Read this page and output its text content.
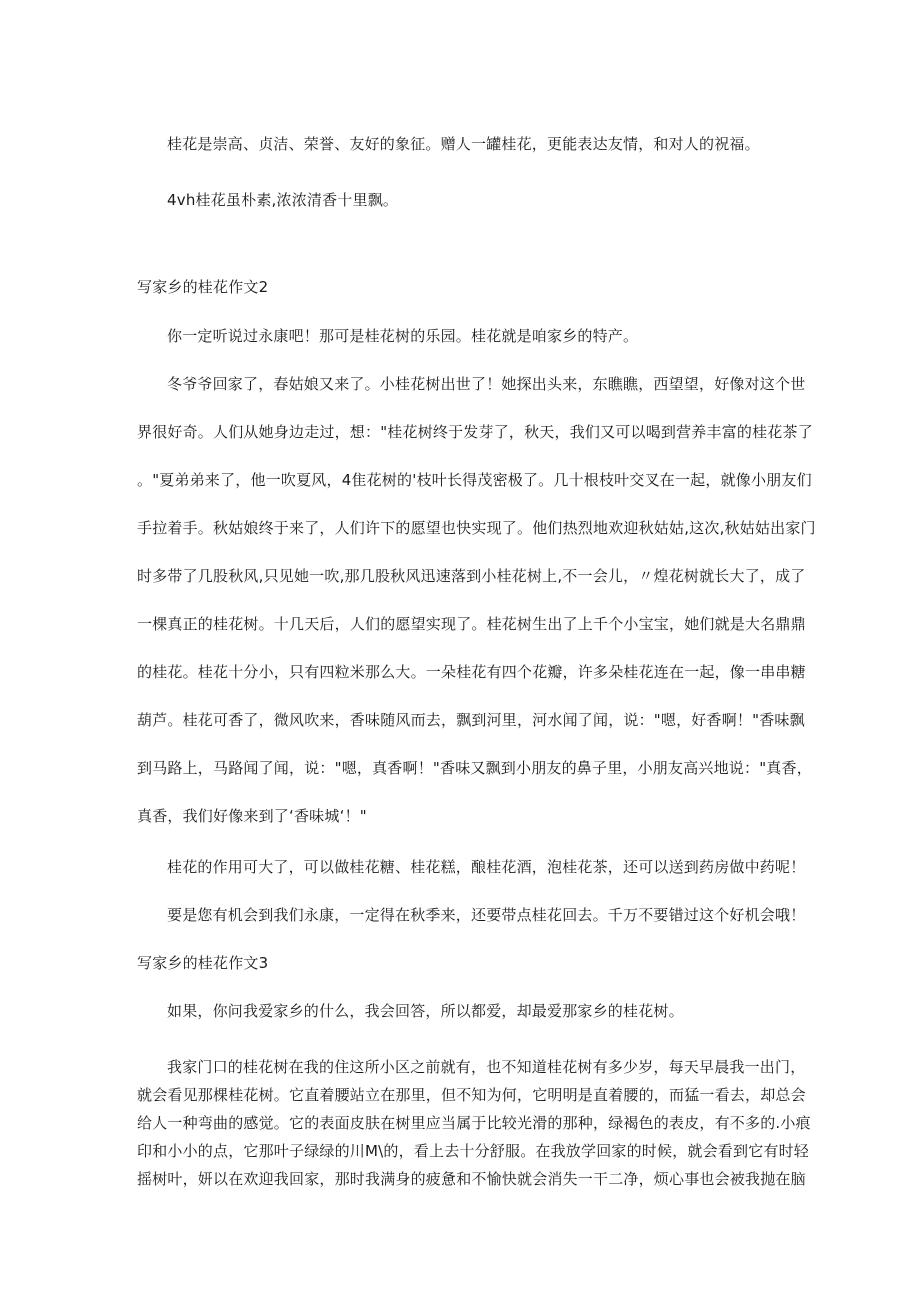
桂花是崇高、贞洁、荣誉、友好的象征。赠人一罐桂花，更能表达友情，和对人的祝福。
4vh桂花虽朴素,浓浓清香十里飘。
写家乡的桂花作文2
你一定听说过永康吧！那可是桂花树的乐园。桂花就是咱家乡的特产。
冬爷爷回家了，春姑娘又来了。小桂花树出世了！她探出头来，东瞧瞧，西望望，好像对这个世
界很好奇。人们从她身边走过，想："桂花树终于发芽了，秋天，我们又可以喝到营养丰富的桂花茶了
。"夏弟弟来了，他一吹夏风，4隹花树的'枝叶长得茂密极了。几十根枝叶交叉在一起，就像小朋友们
手拉着手。秋姑娘终于来了，人们许下的愿望也快实现了。他们热烈地欢迎秋姑姑,这次,秋姑姑出家门
时多带了几股秋风,只见她一吹,那几股秋风迅速落到小桂花树上,不一会儿，〃煌花树就长大了，成了
一棵真正的桂花树。十几天后，人们的愿望实现了。桂花树生出了上千个小宝宝，她们就是大名鼎鼎
的桂花。桂花十分小，只有四粒米那么大。一朵桂花有四个花瓣，许多朵桂花连在一起，像一串串糖
葫芦。桂花可香了，微风吹来，香味随风而去，飘到河里，河水闻了闻，说："嗯，好香啊！"香味飘
到马路上，马路闻了闻，说："嗯，真香啊！"香味又飘到小朋友的鼻子里，小朋友高兴地说："真香，
真香，我们好像来到了‘香味城‘！"
桂花的作用可大了，可以做桂花糖、桂花糕，酿桂花酒，泡桂花茶，还可以送到药房做中药呢！
要是您有机会到我们永康，一定得在秋季来，还要带点桂花回去。千万不要错过这个好机会哦！
写家乡的桂花作文3
如果，你问我爱家乡的什么，我会回答，所以都爱，却最爱那家乡的桂花树。
我家门口的桂花树在我的住这所小区之前就有，也不知道桂花树有多少岁，每天早晨我一出门，
就会看见那棵桂花树。它直着腰站立在那里，但不知为何，它明明是直着腰的，而猛一看去，却总会
给人一种弯曲的感觉。它的表面皮肤在树里应当属于比较光滑的那种，绿褐色的表皮，有不多的.小痕
印和小小的点，它那叶子绿绿的川M\的，看上去十分舒服。在我放学回家的时候，就会看到它有时轻
摇树叶，妍以在欢迎我回家，那时我满身的疲惫和不愉快就会消失一干二净，烦心事也会被我抛在脑
